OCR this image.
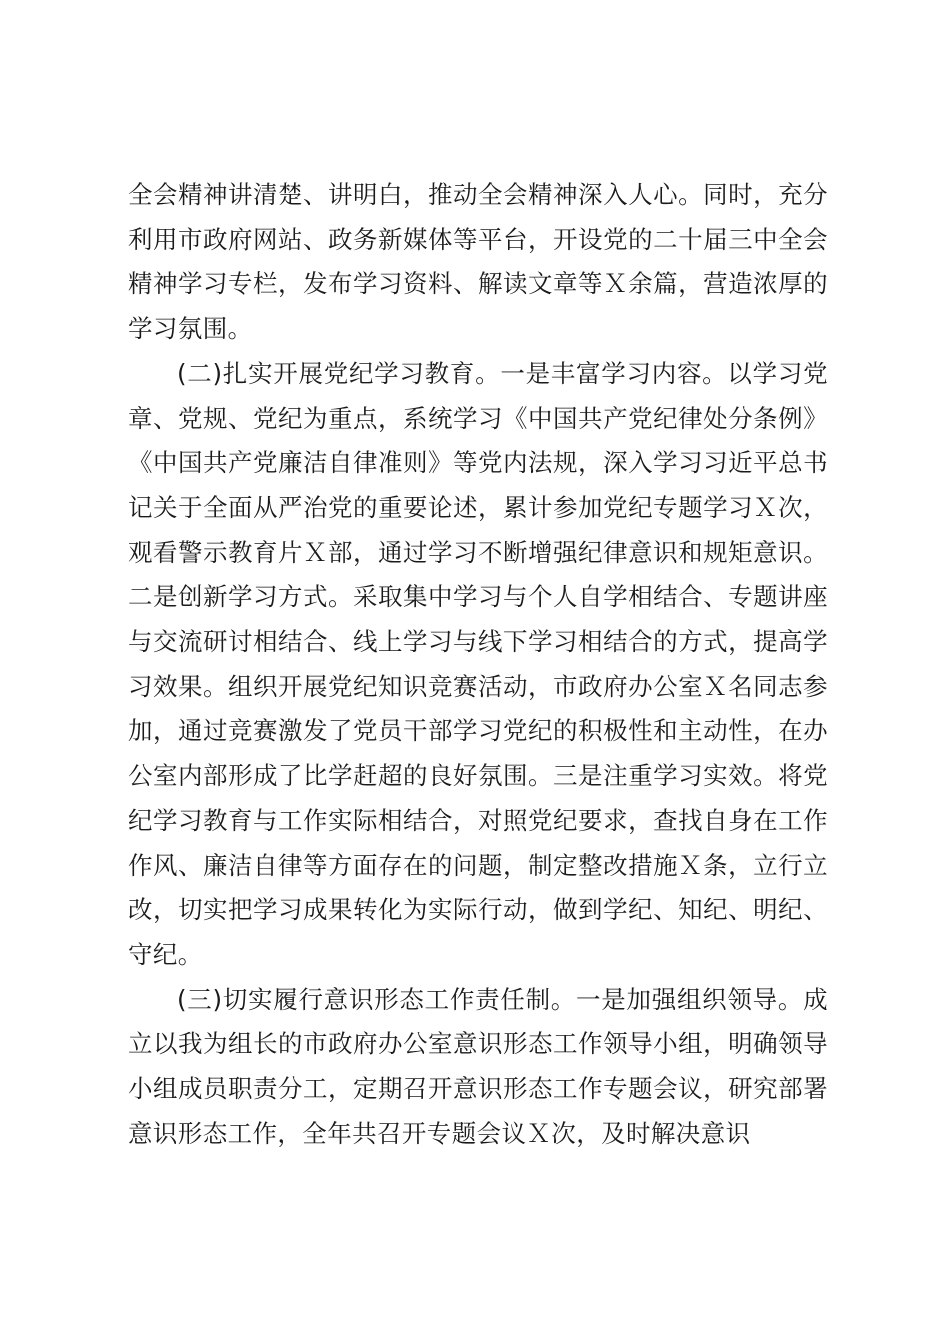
全会精神讲清楚、讲明白，推动全会精神深入人心。同时，充分利用市政府网站、政务新媒体等平台，开设党的二十届三中全会精神学习专栏，发布学习资料、解读文章等Ｘ余篇，营造浓厚的学习氛围。

(二)扎实开展党纪学习教育。一是丰富学习内容。以学习党章、党规、党纪为重点，系统学习《中国共产党纪律处分条例》《中国共产党廉洁自律准则》等党内法规，深入学习习近平总书记关于全面从严治党的重要论述，累计参加党纪专题学习Ｘ次，观看警示教育片Ｘ部，通过学习不断增强纪律意识和规矩意识。二是创新学习方式。采取集中学习与个人自学相结合、专题讲座与交流研讨相结合、线上学习与线下学习相结合的方式，提高学习效果。组织开展党纪知识竞赛活动，市政府办公室Ｘ名同志参加，通过竞赛激发了党员干部学习党纪的积极性和主动性，在办公室内部形成了比学赶超的良好氛围。三是注重学习实效。将党纪学习教育与工作实际相结合，对照党纪要求，查找自身在工作作风、廉洁自律等方面存在的问题，制定整改措施Ｘ条，立行立改，切实把学习成果转化为实际行动，做到学纪、知纪、明纪、守纪。

(三)切实履行意识形态工作责任制。一是加强组织领导。成立以我为组长的市政府办公室意识形态工作领导小组，明确领导小组成员职责分工，定期召开意识形态工作专题会议，研究部署意识形态工作，全年共召开专题会议Ｘ次，及时解决意识
